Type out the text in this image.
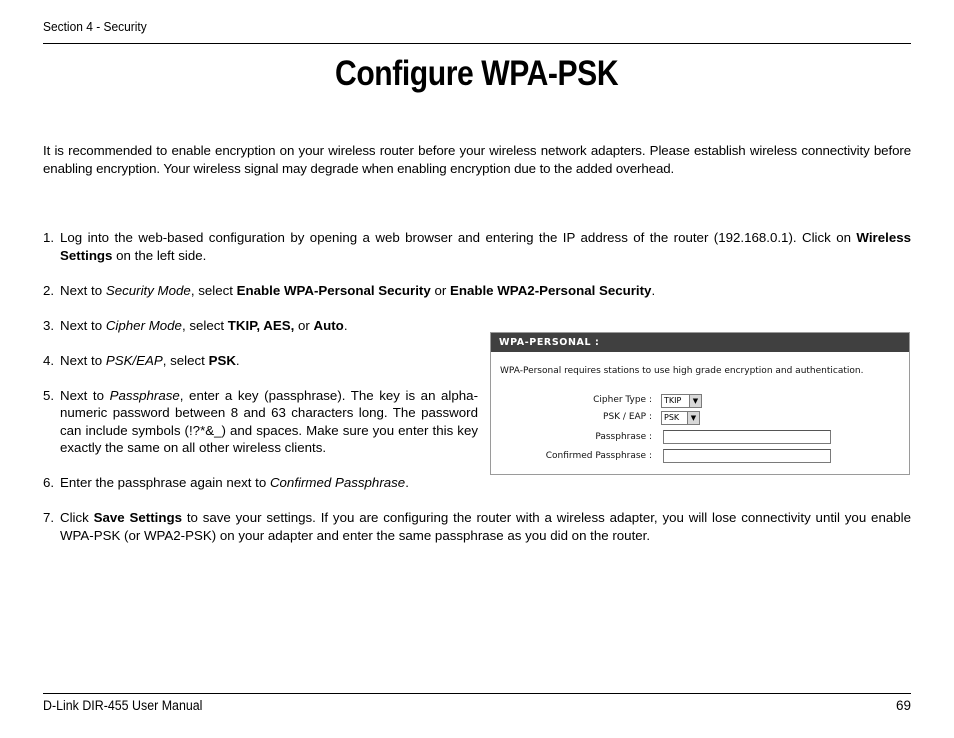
Section 4 - Security
Configure WPA-PSK

It is recommended to enable encryption on your wireless router before your wireless network adapters. Please establish wireless connectivity before enabling encryption. Your wireless signal may degrade when enabling encryption due to the added overhead.

1. Log into the web-based configuration by opening a web browser and entering the IP address of the router (192.168.0.1). Click on Wireless Settings on the left side.

2. Next to Security Mode, select Enable WPA-Personal Security or Enable WPA2-Personal Security.

3. Next to Cipher Mode, select TKIP, AES, or Auto.

4. Next to PSK/EAP, select PSK.

5. Next to Passphrase, enter a key (passphrase). The key is an alpha-numeric password between 8 and 63 characters long. The password can include symbols (!?*&_) and spaces. Make sure you enter this key exactly the same on all other wireless clients.

6. Enter the passphrase again next to Confirmed Passphrase.

7. Click Save Settings to save your settings. If you are configuring the router with a wireless adapter, you will lose connectivity until you enable WPA-PSK (or WPA2-PSK) on your adapter and enter the same passphrase as you did on the router.

WPA-PERSONAL :
WPA-Personal requires stations to use high grade encryption and authentication.
Cipher Type :	TKIP	▼
PSK / EAP :	PSK	▼
Passphrase :
Confirmed Passphrase :
D-Link DIR-455 User Manual	69
